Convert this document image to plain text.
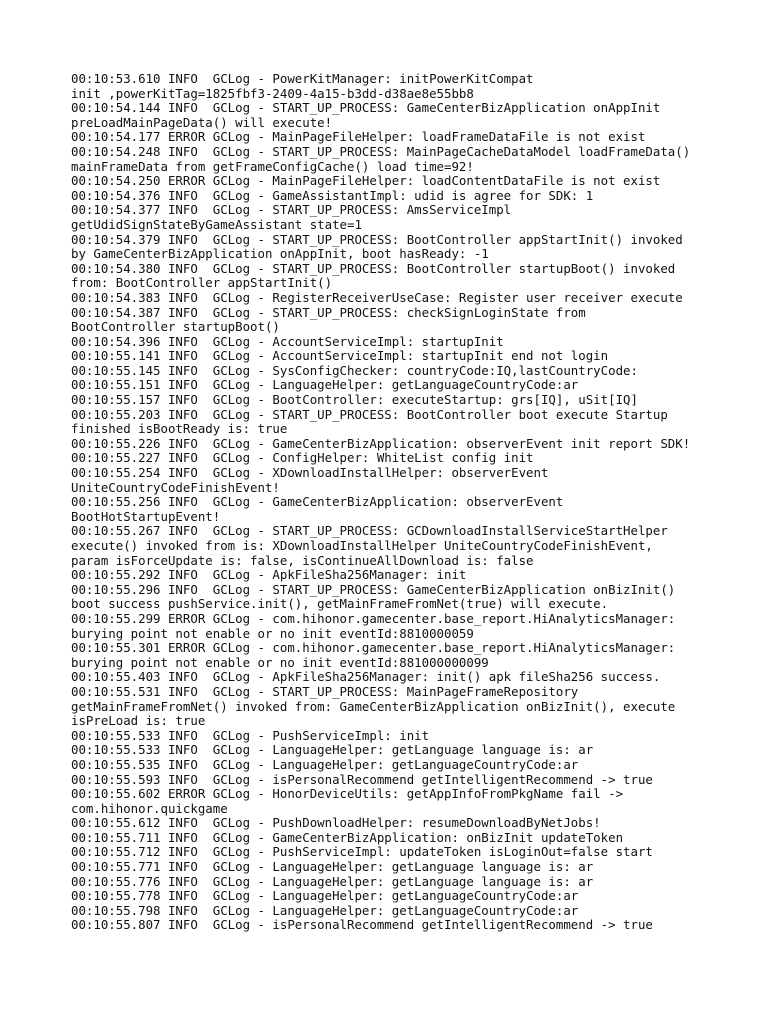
00:10:53.610 INFO  GCLog - PowerKitManager: initPowerKitCompat
init ,powerKitTag=1825fbf3-2409-4a15-b3dd-d38ae8e55bb8
00:10:54.144 INFO  GCLog - START_UP_PROCESS: GameCenterBizApplication onAppInit
preLoadMainPageData() will execute!
00:10:54.177 ERROR GCLog - MainPageFileHelper: loadFrameDataFile is not exist
00:10:54.248 INFO  GCLog - START_UP_PROCESS: MainPageCacheDataModel loadFrameData()
mainFrameData from getFrameConfigCache() load time=92!
00:10:54.250 ERROR GCLog - MainPageFileHelper: loadContentDataFile is not exist
00:10:54.376 INFO  GCLog - GameAssistantImpl: udid is agree for SDK: 1
00:10:54.377 INFO  GCLog - START_UP_PROCESS: AmsServiceImpl
getUdidSignStateByGameAssistant state=1
00:10:54.379 INFO  GCLog - START_UP_PROCESS: BootController appStartInit() invoked
by GameCenterBizApplication onAppInit, boot hasReady: -1
00:10:54.380 INFO  GCLog - START_UP_PROCESS: BootController startupBoot() invoked
from: BootController appStartInit()
00:10:54.383 INFO  GCLog - RegisterReceiverUseCase: Register user receiver execute
00:10:54.387 INFO  GCLog - START_UP_PROCESS: checkSignLoginState from
BootController startupBoot()
00:10:54.396 INFO  GCLog - AccountServiceImpl: startupInit
00:10:55.141 INFO  GCLog - AccountServiceImpl: startupInit end not login
00:10:55.145 INFO  GCLog - SysConfigChecker: countryCode:IQ,lastCountryCode:
00:10:55.151 INFO  GCLog - LanguageHelper: getLanguageCountryCode:ar
00:10:55.157 INFO  GCLog - BootController: executeStartup: grs[IQ], uSit[IQ]
00:10:55.203 INFO  GCLog - START_UP_PROCESS: BootController boot execute Startup
finished isBootReady is: true
00:10:55.226 INFO  GCLog - GameCenterBizApplication: observerEvent init report SDK!
00:10:55.227 INFO  GCLog - ConfigHelper: WhiteList config init
00:10:55.254 INFO  GCLog - XDownloadInstallHelper: observerEvent
UniteCountryCodeFinishEvent!
00:10:55.256 INFO  GCLog - GameCenterBizApplication: observerEvent
BootHotStartupEvent!
00:10:55.267 INFO  GCLog - START_UP_PROCESS: GCDownloadInstallServiceStartHelper
execute() invoked from is: XDownloadInstallHelper UniteCountryCodeFinishEvent,
param isForceUpdate is: false, isContinueAllDownload is: false
00:10:55.292 INFO  GCLog - ApkFileSha256Manager: init
00:10:55.296 INFO  GCLog - START_UP_PROCESS: GameCenterBizApplication onBizInit()
boot success pushService.init(), getMainFrameFromNet(true) will execute.
00:10:55.299 ERROR GCLog - com.hihonor.gamecenter.base_report.HiAnalyticsManager:
burying point not enable or no init eventId:8810000059
00:10:55.301 ERROR GCLog - com.hihonor.gamecenter.base_report.HiAnalyticsManager:
burying point not enable or no init eventId:881000000099
00:10:55.403 INFO  GCLog - ApkFileSha256Manager: init() apk fileSha256 success.
00:10:55.531 INFO  GCLog - START_UP_PROCESS: MainPageFrameRepository
getMainFrameFromNet() invoked from: GameCenterBizApplication onBizInit(), execute
isPreLoad is: true
00:10:55.533 INFO  GCLog - PushServiceImpl: init
00:10:55.533 INFO  GCLog - LanguageHelper: getLanguage language is: ar
00:10:55.535 INFO  GCLog - LanguageHelper: getLanguageCountryCode:ar
00:10:55.593 INFO  GCLog - isPersonalRecommend getIntelligentRecommend -> true
00:10:55.602 ERROR GCLog - HonorDeviceUtils: getAppInfoFromPkgName fail ->
com.hihonor.quickgame
00:10:55.612 INFO  GCLog - PushDownloadHelper: resumeDownloadByNetJobs!
00:10:55.711 INFO  GCLog - GameCenterBizApplication: onBizInit updateToken
00:10:55.712 INFO  GCLog - PushServiceImpl: updateToken isLoginOut=false start
00:10:55.771 INFO  GCLog - LanguageHelper: getLanguage language is: ar
00:10:55.776 INFO  GCLog - LanguageHelper: getLanguage language is: ar
00:10:55.778 INFO  GCLog - LanguageHelper: getLanguageCountryCode:ar
00:10:55.798 INFO  GCLog - LanguageHelper: getLanguageCountryCode:ar
00:10:55.807 INFO  GCLog - isPersonalRecommend getIntelligentRecommend -> true
